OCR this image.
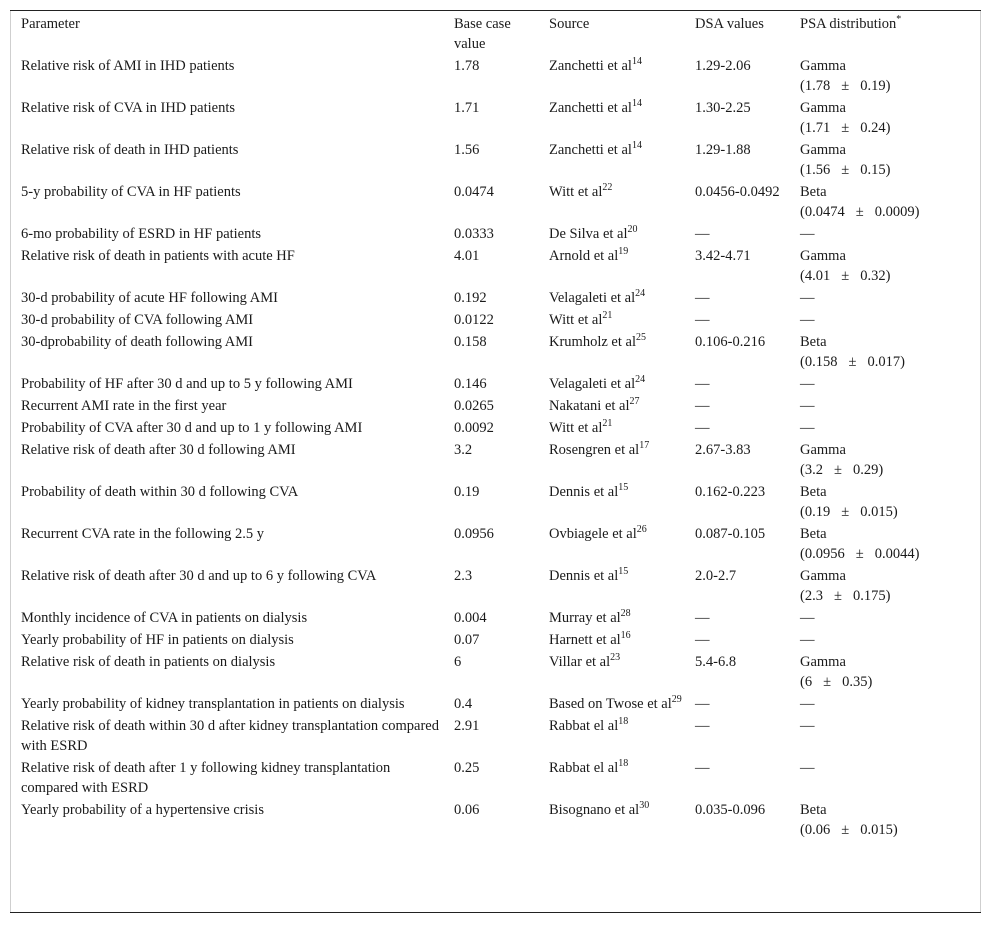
Parameter	Base case value	Source	DSA values	PSA distribution*
Relative risk of AMI in IHD patients	1.78	Zanchetti et $al^{14}$	1.29-2.06	Gamma
(1.78 ± 0.19)
Relative risk of CVA in IHD patients	1.71	Zanchetti et $al^{14}$	1.30-2.25	Gamma
(1.71 ± 0.24)
Relative risk of death in IHD patients	1.56	Zanchetti et $al^{14}$	1.29-1.88	Gamma
(1.56 ± 0.15)
5-y probability of CVA in HF patients	0.0474	Witt et $al^{22}$	0.0456-0.0492	Beta
(0.0474 ± 0.0009)
6-mo probability of ESRD in HF patients	0.0333	De Silva et $al^{20}$	—	—
Relative risk of death in patients with acute HF	4.01	Arnold et $al^{19}$	3.42-4.71	Gamma
(4.01 ± 0.32)
30-d probability of acute HF following AMI	0.192	Velagaleti et $al^{24}$	—	—
30-d probability of CVA following AMI	0.0122	Witt et $al^{21}$	—	—
30-dprobability of death following AMI	0.158	Krumholz et $al^{25}$	0.106-0.216	Beta
(0.158 ± 0.017)
Probability of HF after 30 d and up to 5 y following AMI	0.146	Velagaleti et $al^{24}$	—	—
Recurrent AMI rate in the first year	0.0265	Nakatani et $al^{27}$	—	—
Probability of CVA after 30 d and up to 1 y following AMI	0.0092	Witt et $al^{21}$	—	—
Relative risk of death after 30 d following AMI	3.2	Rosengren et $al^{17}$	2.67-3.83	Gamma
(3.2 ± 0.29)
Probability of death within 30 d following CVA	0.19	Dennis et $al^{15}$	0.162-0.223	Beta
(0.19 ± 0.015)
Recurrent CVA rate in the following 2.5 y	0.0956	Ovbiagele et $al^{26}$	0.087-0.105	Beta
(0.0956 ± 0.0044)
Relative risk of death after 30 d and up to 6 y following CVA	2.3	Dennis et $al^{15}$	2.0-2.7	Gamma
(2.3 ± 0.175)
Monthly incidence of CVA in patients on dialysis	0.004	Murray et $al^{28}$	—	—
Yearly probability of HF in patients on dialysis	0.07	Harnett et $al^{16}$	—	—
Relative risk of death in patients on dialysis	6	Villar et $al^{23}$	5.4-6.8	Gamma
(6 ± 0.35)
Yearly probability of kidney transplantation in patients on dialysis	0.4	Based on Twose et $al^{29}$	—	—
Relative risk of death within 30 d after kidney transplantation compared with ESRD	2.91	Rabbat el $al^{18}$	—	—
Relative risk of death after 1 y following kidney transplantation compared with ESRD	0.25	Rabbat el $al^{18}$	—	—
Yearly probability of a hypertensive crisis	0.06	Bisognano et $al^{30}$	0.035-0.096	Beta
(0.06 ± 0.015)
